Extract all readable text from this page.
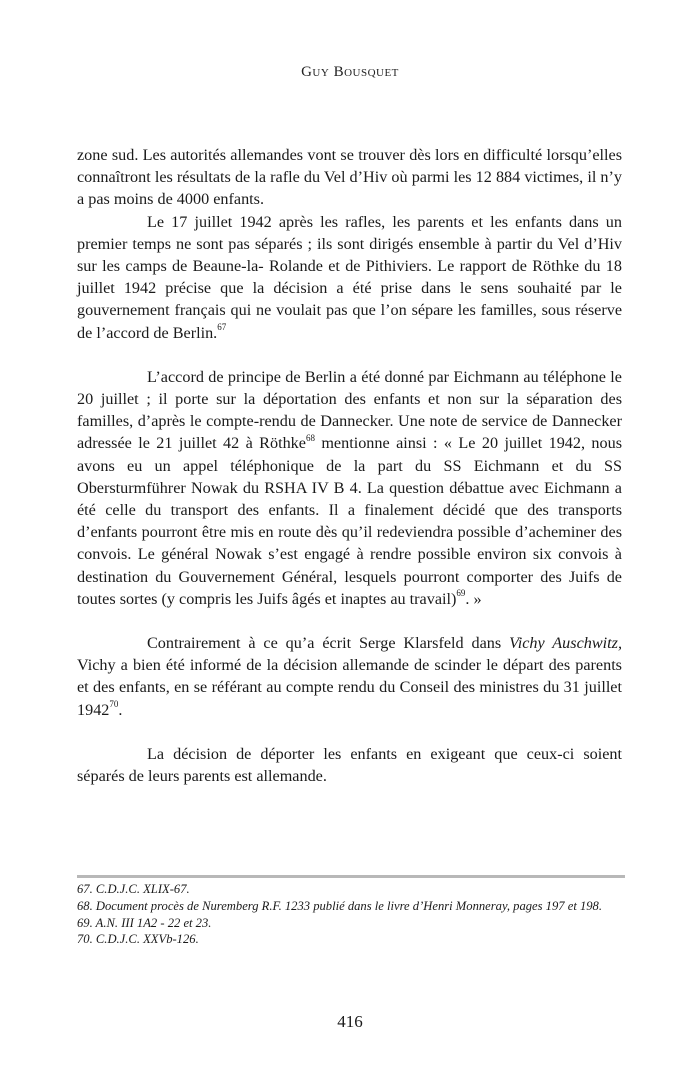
Guy Bousquet

zone sud. Les autorités allemandes vont se trouver dès lors en difficulté lorsqu’elles connaîtront les résultats de la rafle du Vel d’Hiv où parmi les 12 884 victimes, il n’y a pas moins de 4000 enfants.

Le 17 juillet 1942 après les rafles, les parents et les enfants dans un premier temps ne sont pas séparés ; ils sont dirigés ensemble à partir du Vel d’Hiv sur les camps de Beaune-la- Rolande et de Pithiviers. Le rapport de Röthke du 18 juillet 1942 précise que la décision a été prise dans le sens souhaité par le gouvernement français qui ne voulait pas que l’on sépare les familles, sous réserve de l’accord de Berlin.$^{67}$

L’accord de principe de Berlin a été donné par Eichmann au téléphone le 20 juillet ; il porte sur la déportation des enfants et non sur la séparation des familles, d’après le compte-rendu de Dannecker. Une note de service de Dannecker adressée le 21 juillet 42 à Röthke$^{68}$ mentionne ainsi : « Le 20 juillet 1942, nous avons eu un appel téléphonique de la part du SS Eichmann et du SS Obersturmführer Nowak du RSHA IV B 4. La question débattue avec Eichmann a été celle du transport des enfants. Il a finalement décidé que des transports d’enfants pourront être mis en route dès qu’il redeviendra possible d’acheminer des convois. Le général Nowak s’est engagé à rendre possible environ six convois à destination du Gouvernement Général, lesquels pourront comporter des Juifs de toutes sortes (y compris les Juifs âgés et inaptes au travail)$^{69}$. »

Contrairement à ce qu’a écrit Serge Klarsfeld dans Vichy Auschwitz, Vichy a bien été informé de la décision allemande de scinder le départ des parents et des enfants, en se référant au compte rendu du Conseil des ministres du 31 juillet 1942$^{70}$.

La décision de déporter les enfants en exigeant que ceux-ci soient séparés de leurs parents est allemande.

67. C.D.J.C. XLIX-67.
68. Document procès de Nuremberg R.F. 1233 publié dans le livre d’Henri Monneray, pages 197 et 198.
69. A.N. III 1A2 - 22 et 23.
70. C.D.J.C. XXVb-126.
416
